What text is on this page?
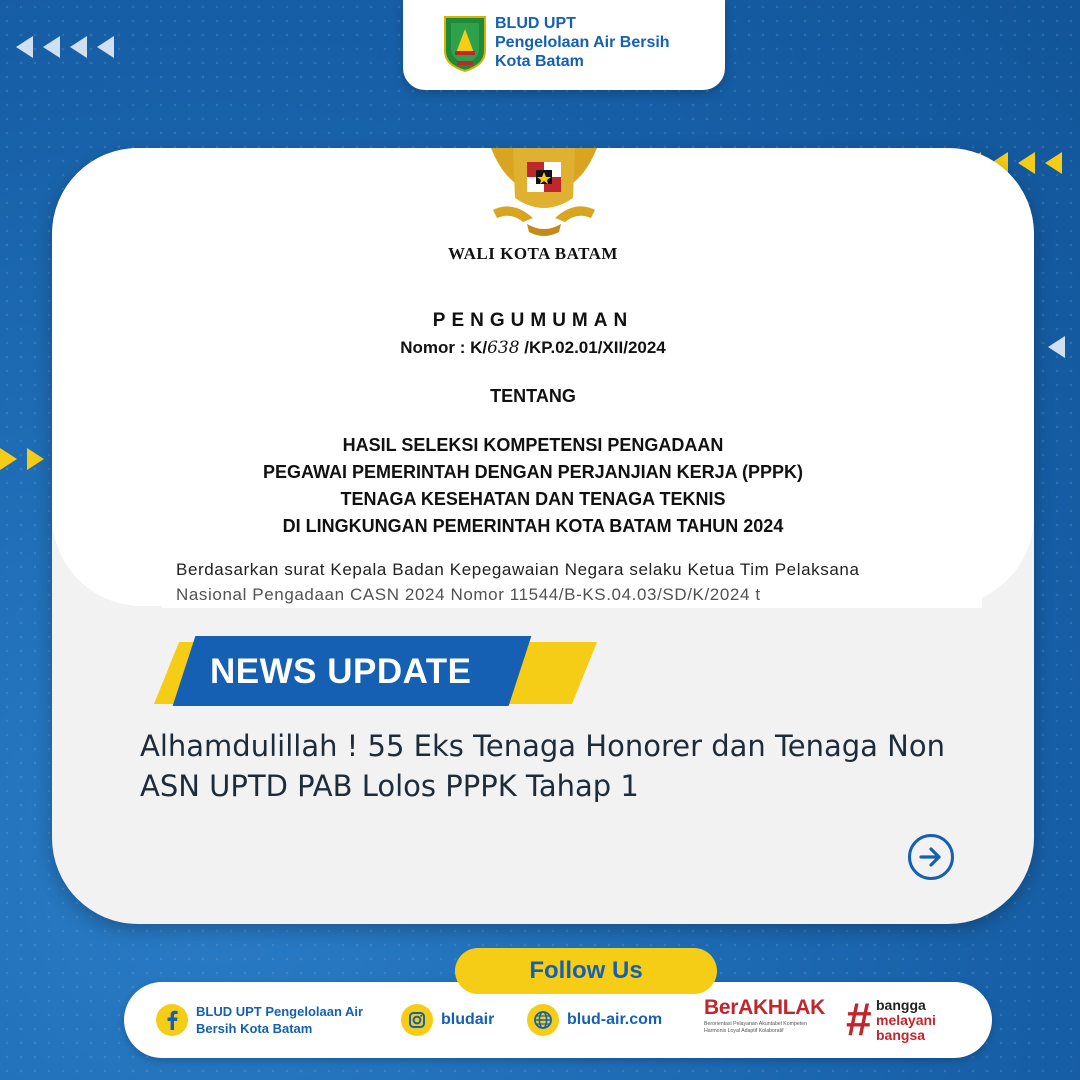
BLUD UPT
Pengelolaan Air Bersih
Kota Batam
WALI KOTA BATAM
PENGUMUMAN
Nomor : K/638 /KP.02.01/XII/2024
TENTANG
HASIL SELEKSI KOMPETENSI PENGADAAN
PEGAWAI PEMERINTAH DENGAN PERJANJIAN KERJA (PPPK)
TENAGA KESEHATAN DAN TENAGA TEKNIS
DI LINGKUNGAN PEMERINTAH KOTA BATAM TAHUN 2024
Berdasarkan surat Kepala Badan Kepegawaian Negara selaku Ketua Tim Pelaksana
Nasional Pengadaan CASN 2024 Nomor 11544/B-KS.04.03/SD/K/2024 t
NEWS UPDATE
Alhamdulillah ! 55 Eks Tenaga Honorer dan Tenaga Non
ASN UPTD PAB Lolos PPPK Tahap 1
Follow Us
BLUD UPT Pengelolaan Air
Bersih Kota Batam
bludair	blud-air.com
BerAKHLAK
Berorientasi Pelayanan Akuntabel Kompeten
Harmonis Loyal Adaptif Kolaboratif	# bangga
melayani
bangsa
